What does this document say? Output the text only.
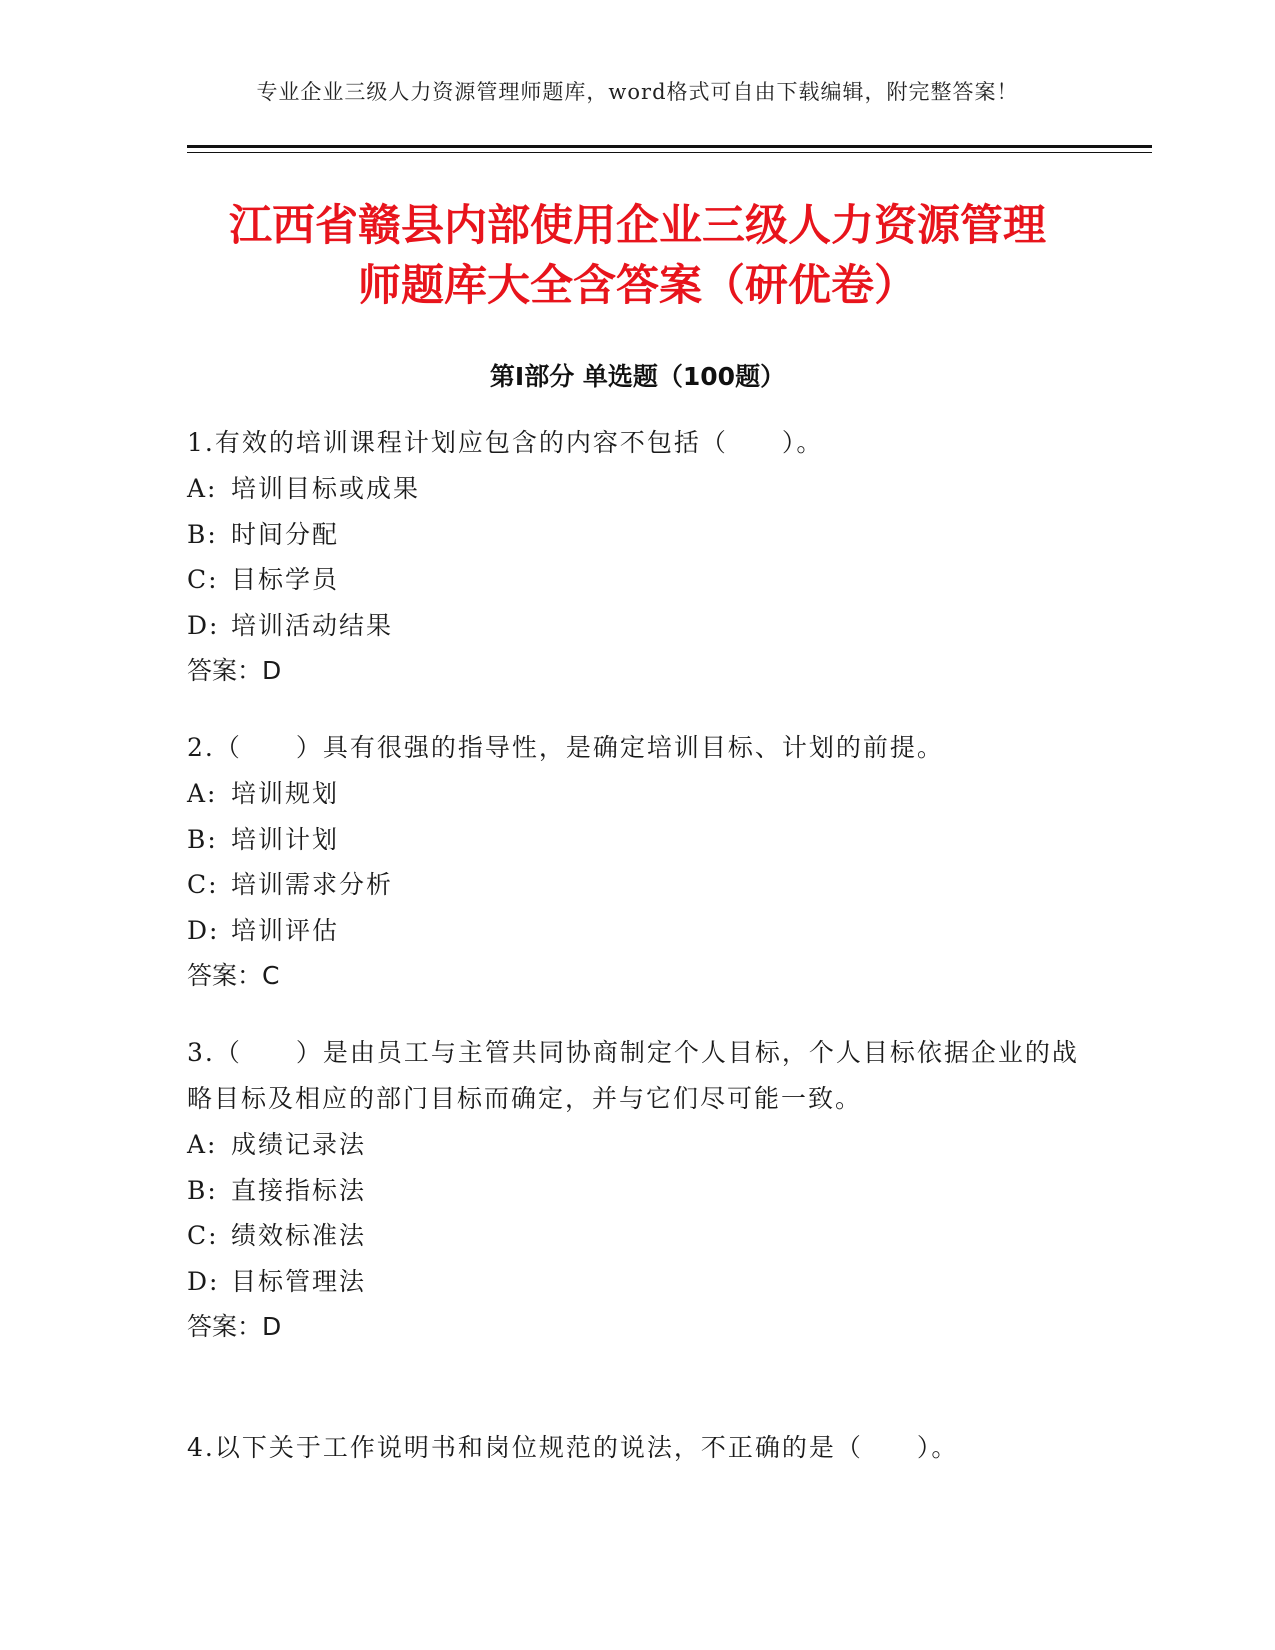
专业企业三级人力资源管理师题库，word格式可自由下载编辑，附完整答案！
江西省赣县内部使用企业三级人力资源管理
师题库大全含答案（研优卷）
第Ⅰ部分 单选题（100题）

1.有效的培训课程计划应包含的内容不包括（　　）。

A: 培训目标或成果

B: 时间分配

C: 目标学员

D: 培训活动结果

答案：D

2.（　　）具有很强的指导性，是确定培训目标、计划的前提。

A: 培训规划

B: 培训计划

C: 培训需求分析

D: 培训评估

答案：C

3.（　　）是由员工与主管共同协商制定个人目标，个人目标依据企业的战略目标及相应的部门目标而确定，并与它们尽可能一致。

A: 成绩记录法

B: 直接指标法

C: 绩效标准法

D: 目标管理法

答案：D

4.以下关于工作说明书和岗位规范的说法，不正确的是（　　）。
